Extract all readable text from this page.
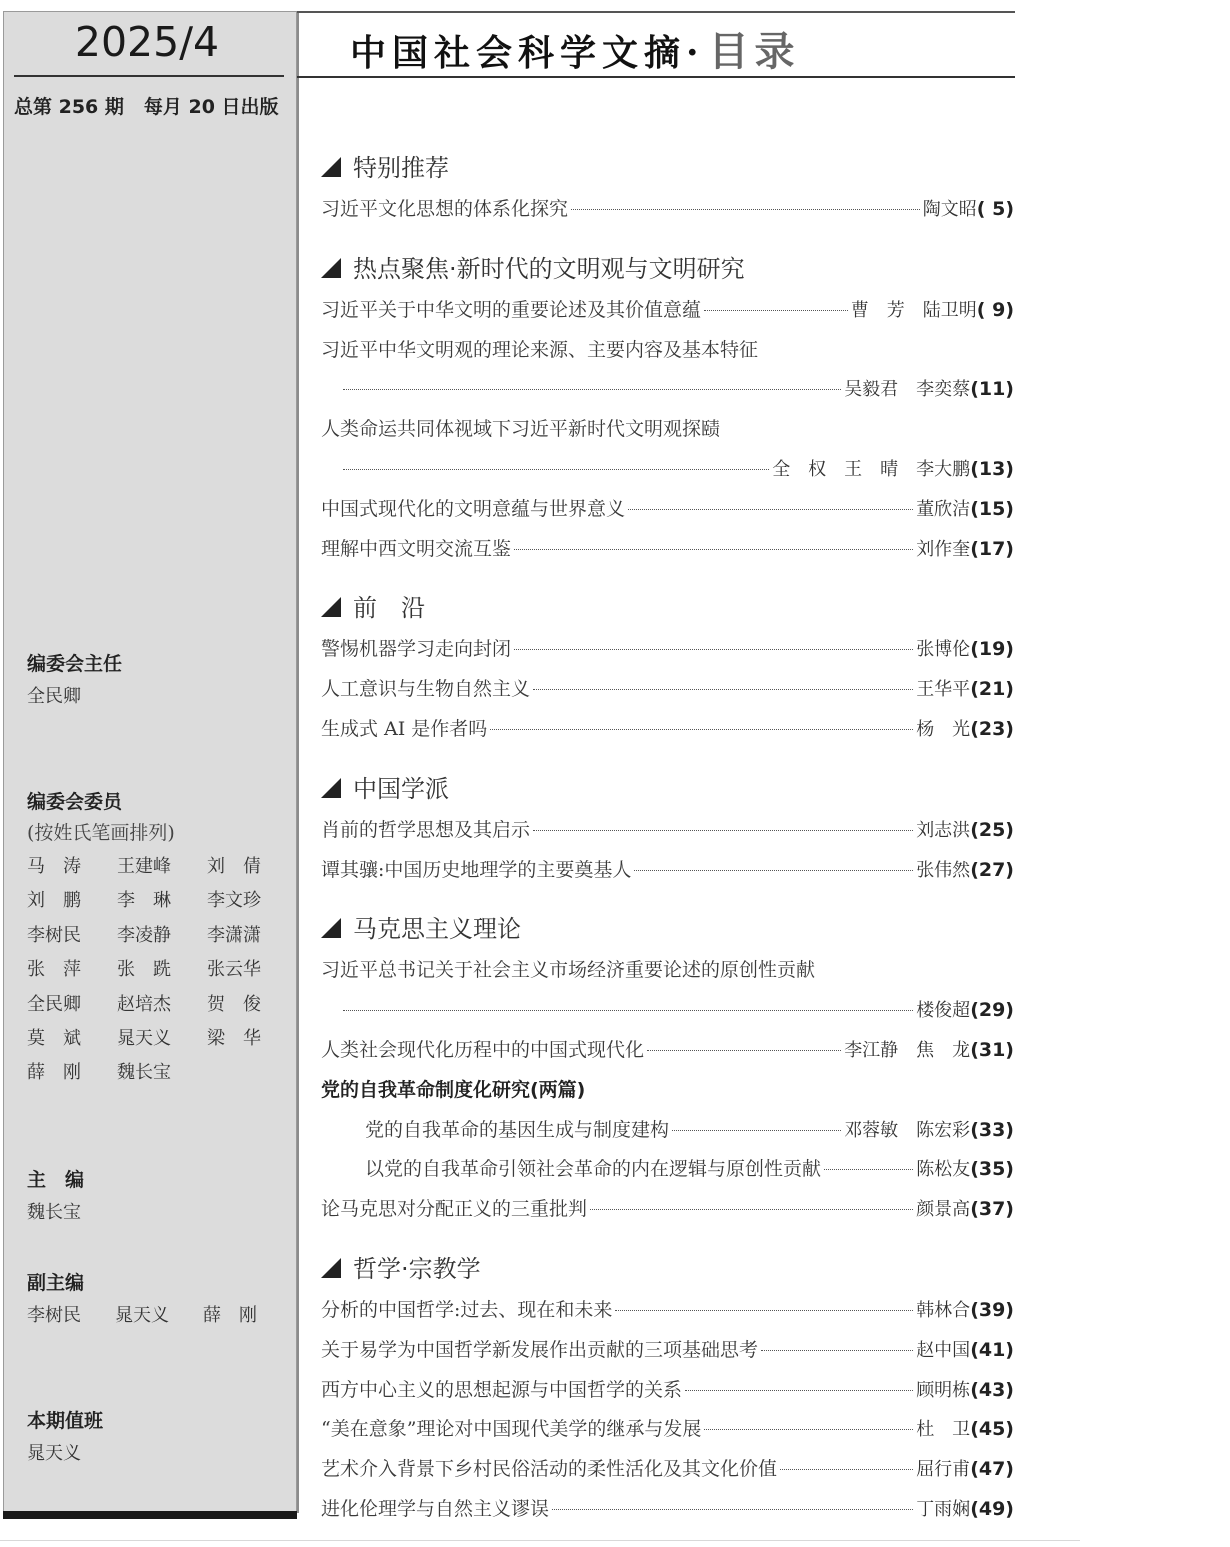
2025/4
总第 256 期 每月 20 日出版
编委会主任
全民卿
编委会委员
(按姓氏笔画排列)
马　涛	王建峰	刘　倩
刘　鹏	李　琳	李文珍
李树民	李凌静	李潇潇
张　萍	张　跣	张云华
全民卿	赵培杰	贺　俊
莫　斌	晁天义	梁　华
薛　刚	魏长宝
主　编
魏长宝
副主编
李树民 晁天义 薛　刚
本期值班
晁天义
中国社会科学文摘· 目录
特别推荐
习近平文化思想的体系化探究	陶文昭 ( 5)
热点聚焦·新时代的文明观与文明研究
习近平关于中华文明的重要论述及其价值意蕴	曹　芳　陆卫明 ( 9)
习近平中华文明观的理论来源、主要内容及基本特征
吴毅君　李奕蔡 (11)
人类命运共同体视域下习近平新时代文明观探赜
全　权　王　晴　李大鹏 (13)
中国式现代化的文明意蕴与世界意义	董欣洁 (15)
理解中西文明交流互鉴	刘作奎 (17)
前　沿
警惕机器学习走向封闭	张博伦 (19)
人工意识与生物自然主义	王华平 (21)
生成式 AI 是作者吗	杨　光 (23)
中国学派
肖前的哲学思想及其启示	刘志洪 (25)
谭其骧:中国历史地理学的主要奠基人	张伟然 (27)
马克思主义理论
习近平总书记关于社会主义市场经济重要论述的原创性贡献
楼俊超 (29)
人类社会现代化历程中的中国式现代化	李江静　焦　龙 (31)
党的自我革命制度化研究(两篇)
党的自我革命的基因生成与制度建构	邓蓉敏　陈宏彩 (33)
以党的自我革命引领社会革命的内在逻辑与原创性贡献	陈松友 (35)
论马克思对分配正义的三重批判	颜景高 (37)
哲学·宗教学
分析的中国哲学:过去、现在和未来	韩林合 (39)
关于易学为中国哲学新发展作出贡献的三项基础思考	赵中国 (41)
西方中心主义的思想起源与中国哲学的关系	顾明栋 (43)
“美在意象”理论对中国现代美学的继承与发展	杜　卫 (45)
艺术介入背景下乡村民俗活动的柔性活化及其文化价值	屈行甫 (47)
进化伦理学与自然主义谬误	丁雨娴 (49)
